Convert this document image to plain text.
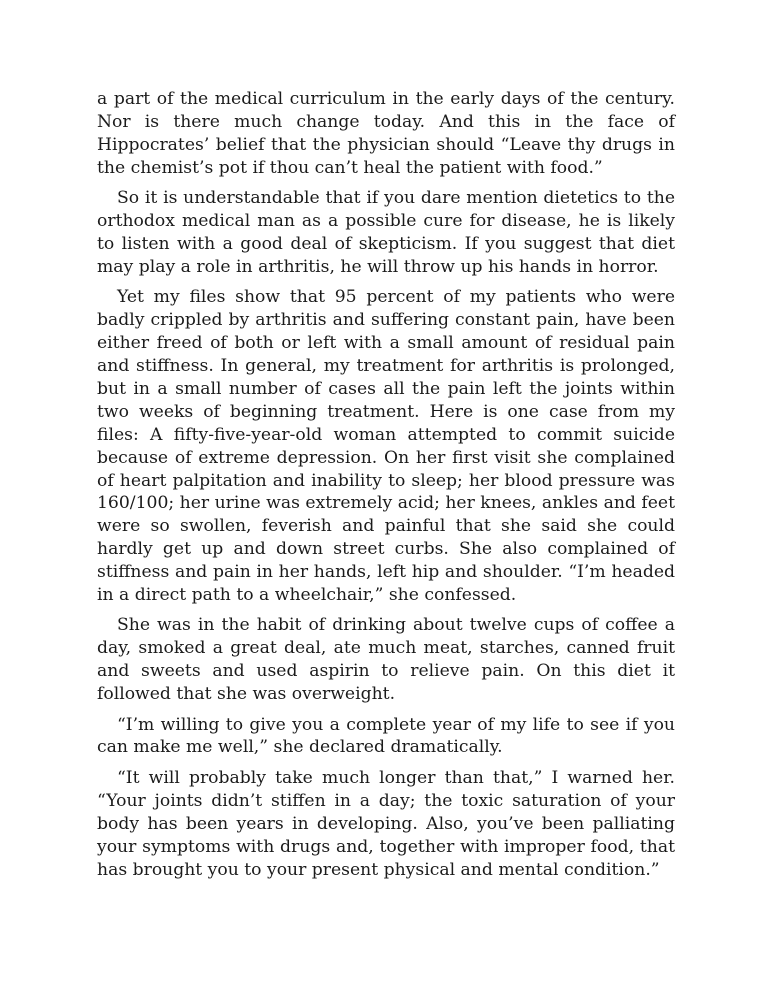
a part of the medical curriculum in the early days of the century. Nor is there much change today. And this in the face of Hippocrates’ belief that the physician should “Leave thy drugs in the chemist’s pot if thou can’t heal the patient with food.”

So it is understandable that if you dare mention dietetics to the orthodox medical man as a possible cure for disease, he is likely to listen with a good deal of skepticism. If you suggest that diet may play a role in arthritis, he will throw up his hands in horror.

Yet my files show that 95 percent of my patients who were badly crippled by arthritis and suffering constant pain, have been either freed of both or left with a small amount of residual pain and stiffness. In general, my treatment for arthritis is prolonged, but in a small number of cases all the pain left the joints within two weeks of beginning treatment. Here is one case from my files: A fifty-five-year-old woman attempted to commit suicide because of extreme depression. On her first visit she complained of heart palpitation and inability to sleep; her blood pressure was 160/100; her urine was extremely acid; her knees, ankles and feet were so swollen, feverish and painful that she said she could hardly get up and down street curbs. She also complained of stiffness and pain in her hands, left hip and shoulder. “I’m headed in a direct path to a wheelchair,” she confessed.

She was in the habit of drinking about twelve cups of coffee a day, smoked a great deal, ate much meat, starches, canned fruit and sweets and used aspirin to relieve pain. On this diet it followed that she was overweight.

“I’m willing to give you a complete year of my life to see if you can make me well,” she declared dramatically.

“It will probably take much longer than that,” I warned her. “Your joints didn’t stiffen in a day; the toxic saturation of your body has been years in developing. Also, you’ve been palliating your symptoms with drugs and, together with improper food, that has brought you to your present physical and mental condition.”
